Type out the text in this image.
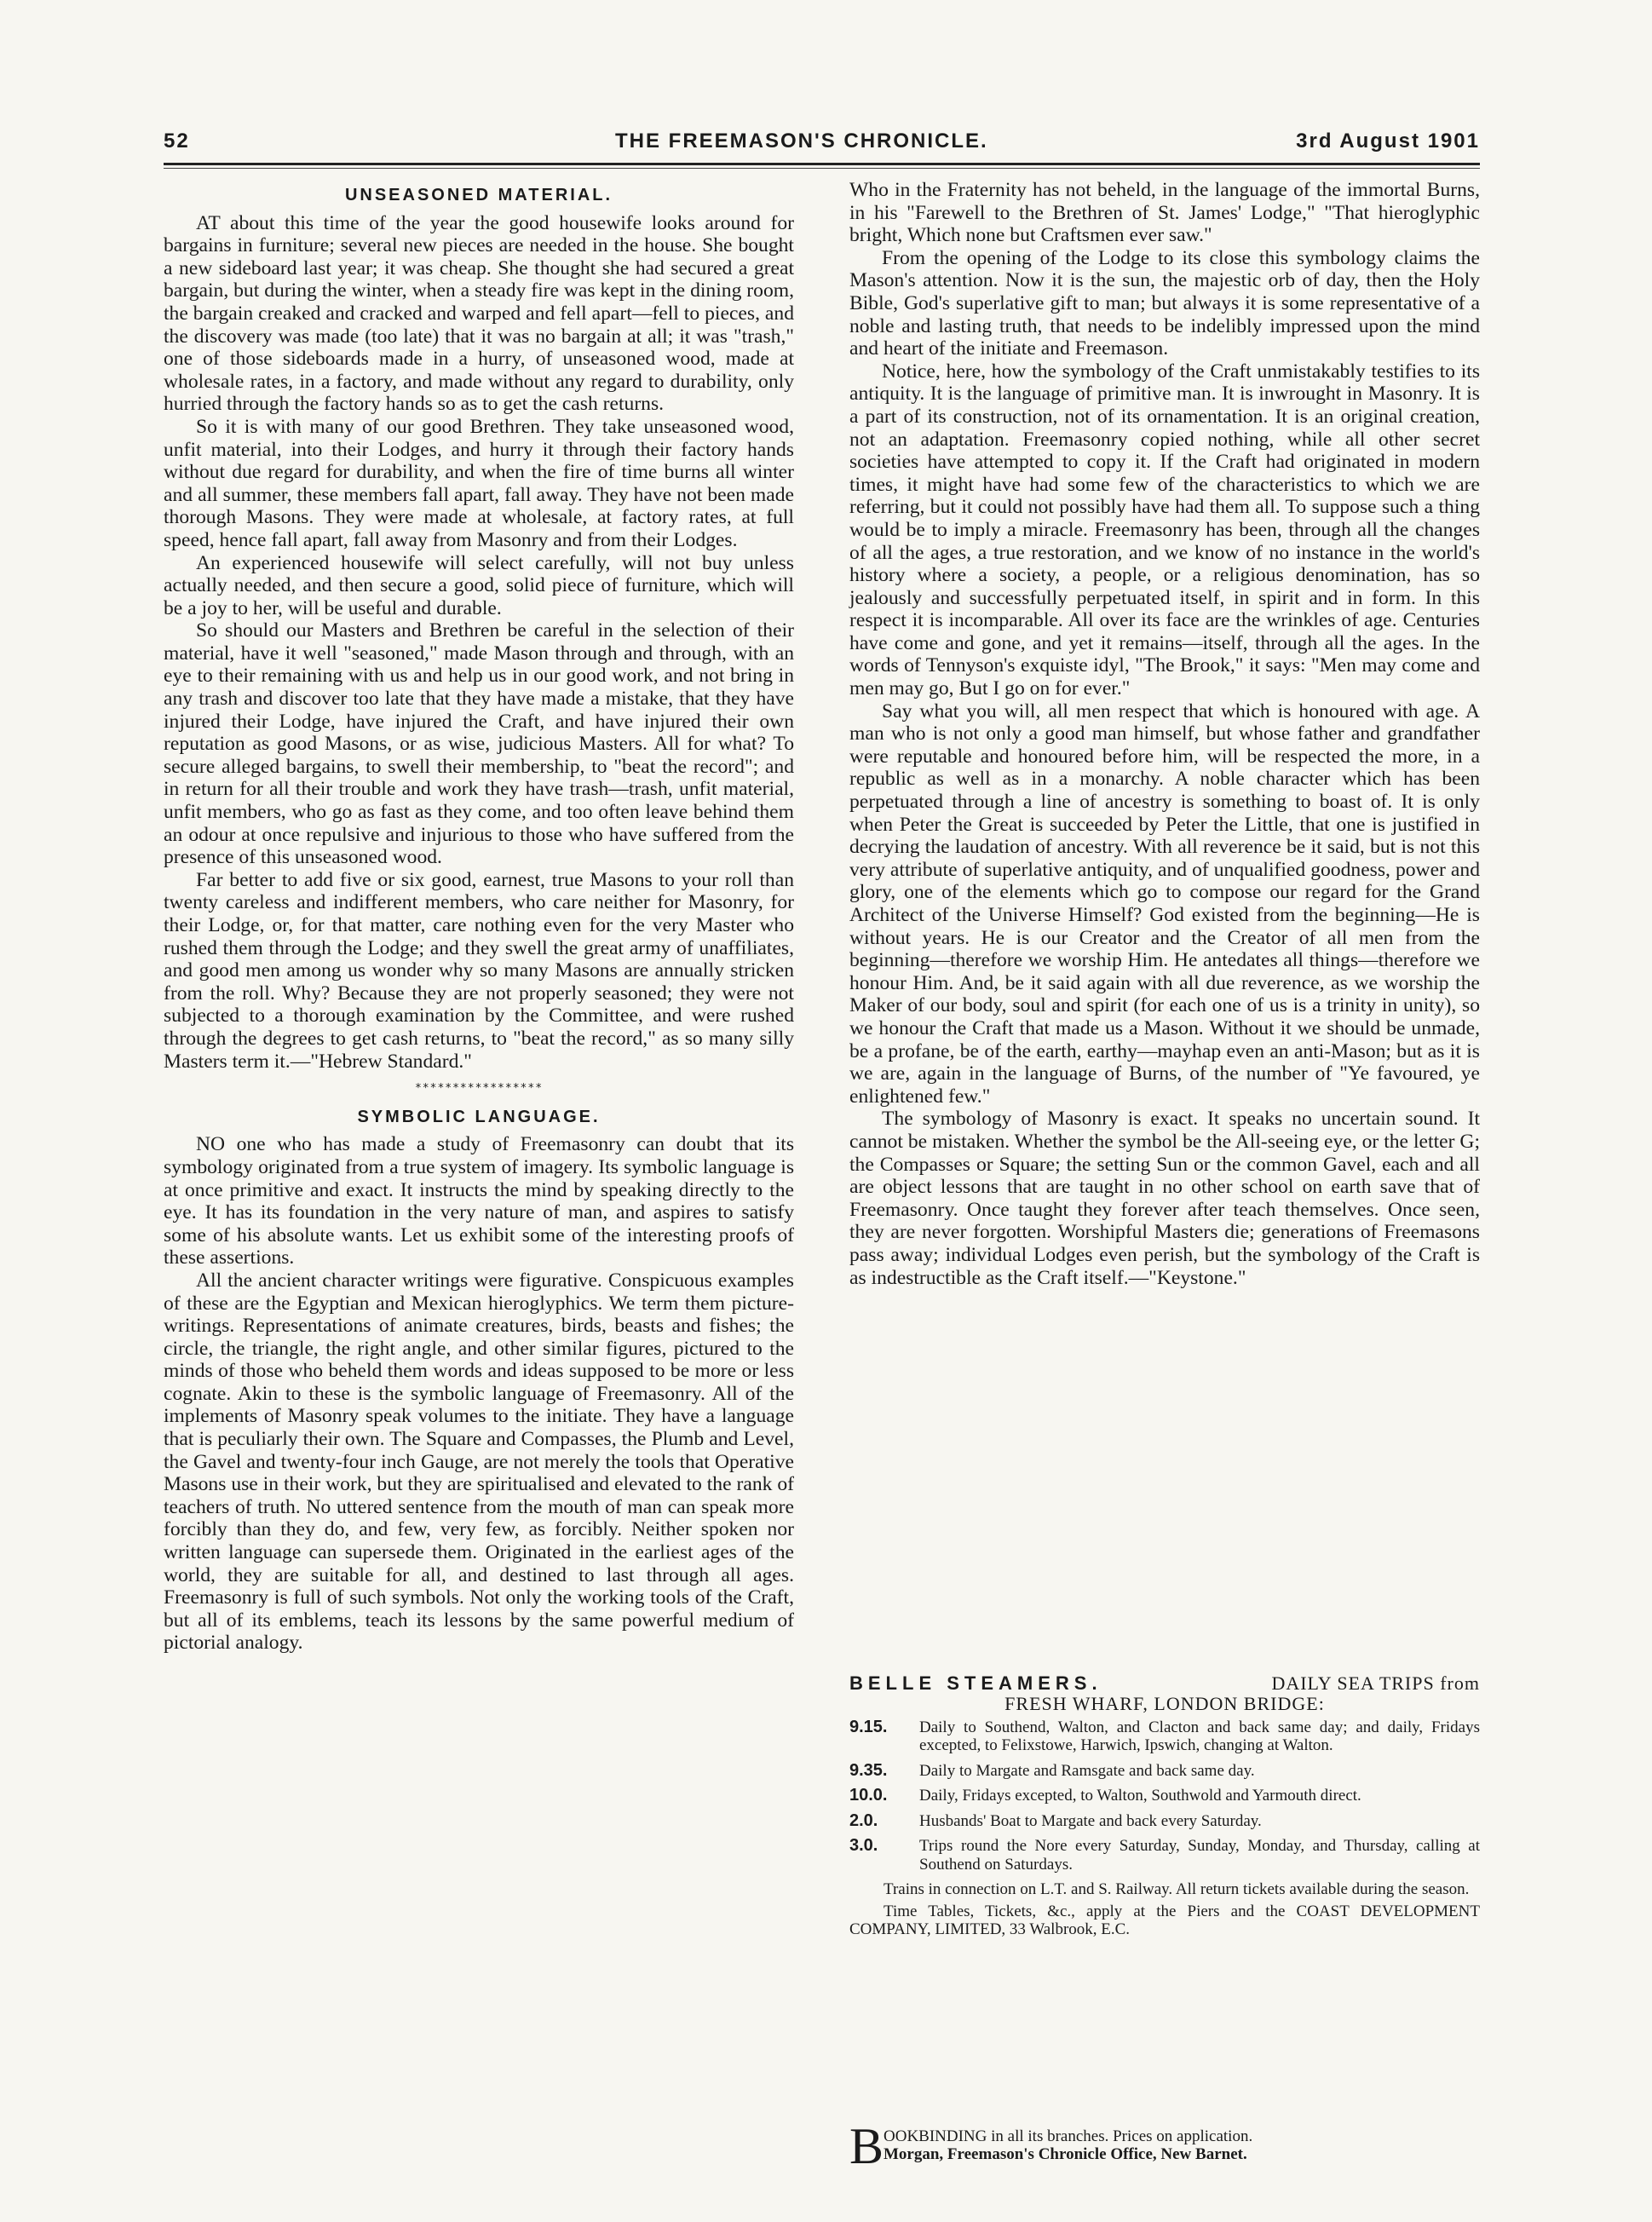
52	THE FREEMASON'S CHRONICLE.	3rd August 1901
UNSEASONED MATERIAL.

AT about this time of the year the good housewife looks around for bargains in furniture; several new pieces are needed in the house. She bought a new sideboard last year; it was cheap. She thought she had secured a great bargain, but during the winter, when a steady fire was kept in the dining room, the bargain creaked and cracked and warped and fell apart—fell to pieces, and the discovery was made (too late) that it was no bargain at all; it was "trash," one of those sideboards made in a hurry, of unseasoned wood, made at wholesale rates, in a factory, and made without any regard to durability, only hurried through the factory hands so as to get the cash returns.

So it is with many of our good Brethren. They take unseasoned wood, unfit material, into their Lodges, and hurry it through their factory hands without due regard for durability, and when the fire of time burns all winter and all summer, these members fall apart, fall away. They have not been made thorough Masons. They were made at wholesale, at factory rates, at full speed, hence fall apart, fall away from Masonry and from their Lodges.

An experienced housewife will select carefully, will not buy unless actually needed, and then secure a good, solid piece of furniture, which will be a joy to her, will be useful and durable.

So should our Masters and Brethren be careful in the selection of their material, have it well "seasoned," made Mason through and through, with an eye to their remaining with us and help us in our good work, and not bring in any trash and discover too late that they have made a mistake, that they have injured their Lodge, have injured the Craft, and have injured their own reputation as good Masons, or as wise, judicious Masters. All for what? To secure alleged bargains, to swell their membership, to "beat the record"; and in return for all their trouble and work they have trash—trash, unfit material, unfit members, who go as fast as they come, and too often leave behind them an odour at once repulsive and injurious to those who have suffered from the presence of this unseasoned wood.

Far better to add five or six good, earnest, true Masons to your roll than twenty careless and indifferent members, who care neither for Masonry, for their Lodge, or, for that matter, care nothing even for the very Master who rushed them through the Lodge; and they swell the great army of unaffiliates, and good men among us wonder why so many Masons are annually stricken from the roll. Why? Because they are not properly seasoned; they were not subjected to a thorough examination by the Committee, and were rushed through the degrees to get cash returns, to "beat the record," as so many silly Masters term it.—"Hebrew Standard."

*****************
SYMBOLIC LANGUAGE.

NO one who has made a study of Freemasonry can doubt that its symbology originated from a true system of imagery. Its symbolic language is at once primitive and exact. It instructs the mind by speaking directly to the eye. It has its foundation in the very nature of man, and aspires to satisfy some of his absolute wants. Let us exhibit some of the interesting proofs of these assertions.

All the ancient character writings were figurative. Conspicuous examples of these are the Egyptian and Mexican hieroglyphics. We term them picture-writings. Representations of animate creatures, birds, beasts and fishes; the circle, the triangle, the right angle, and other similar figures, pictured to the minds of those who beheld them words and ideas supposed to be more or less cognate. Akin to these is the symbolic language of Freemasonry. All of the implements of Masonry speak volumes to the initiate. They have a language that is peculiarly their own. The Square and Compasses, the Plumb and Level, the Gavel and twenty-four inch Gauge, are not merely the tools that Operative Masons use in their work, but they are spiritualised and elevated to the rank of teachers of truth. No uttered sentence from the mouth of man can speak more forcibly than they do, and few, very few, as forcibly. Neither spoken nor written language can supersede them. Originated in the earliest ages of the world, they are suitable for all, and destined to last through all ages. Freemasonry is full of such symbols. Not only the working tools of the Craft, but all of its emblems, teach its lessons by the same powerful medium of pictorial analogy.

Who in the Fraternity has not beheld, in the language of the immortal Burns, in his "Farewell to the Brethren of St. James' Lodge," "That hieroglyphic bright, Which none but Craftsmen ever saw."

From the opening of the Lodge to its close this symbology claims the Mason's attention. Now it is the sun, the majestic orb of day, then the Holy Bible, God's superlative gift to man; but always it is some representative of a noble and lasting truth, that needs to be indelibly impressed upon the mind and heart of the initiate and Freemason.

Notice, here, how the symbology of the Craft unmistakably testifies to its antiquity. It is the language of primitive man. It is inwrought in Masonry. It is a part of its construction, not of its ornamentation. It is an original creation, not an adaptation. Freemasonry copied nothing, while all other secret societies have attempted to copy it. If the Craft had originated in modern times, it might have had some few of the characteristics to which we are referring, but it could not possibly have had them all. To suppose such a thing would be to imply a miracle. Freemasonry has been, through all the changes of all the ages, a true restoration, and we know of no instance in the world's history where a society, a people, or a religious denomination, has so jealously and successfully perpetuated itself, in spirit and in form. In this respect it is incomparable. All over its face are the wrinkles of age. Centuries have come and gone, and yet it remains—itself, through all the ages. In the words of Tennyson's exquiste idyl, "The Brook," it says: "Men may come and men may go, But I go on for ever."

Say what you will, all men respect that which is honoured with age. A man who is not only a good man himself, but whose father and grandfather were reputable and honoured before him, will be respected the more, in a republic as well as in a monarchy. A noble character which has been perpetuated through a line of ancestry is something to boast of. It is only when Peter the Great is succeeded by Peter the Little, that one is justified in decrying the laudation of ancestry. With all reverence be it said, but is not this very attribute of superlative antiquity, and of unqualified goodness, power and glory, one of the elements which go to compose our regard for the Grand Architect of the Universe Himself? God existed from the beginning—He is without years. He is our Creator and the Creator of all men from the beginning—therefore we worship Him. He antedates all things—therefore we honour Him. And, be it said again with all due reverence, as we worship the Maker of our body, soul and spirit (for each one of us is a trinity in unity), so we honour the Craft that made us a Mason. Without it we should be unmade, be a profane, be of the earth, earthy—mayhap even an anti-Mason; but as it is we are, again in the language of Burns, of the number of "Ye favoured, ye enlightened few."

The symbology of Masonry is exact. It speaks no uncertain sound. It cannot be mistaken. Whether the symbol be the All-seeing eye, or the letter G; the Compasses or Square; the setting Sun or the common Gavel, each and all are object lessons that are taught in no other school on earth save that of Freemasonry. Once taught they forever after teach themselves. Once seen, they are never forgotten. Worshipful Masters die; generations of Freemasons pass away; individual Lodges even perish, but the symbology of the Craft is as indestructible as the Craft itself.—"Keystone."

BELLE STEAMERS.	DAILY SEA TRIPS from
FRESH WHARF, LONDON BRIDGE:
9.15.	Daily to Southend, Walton, and Clacton and back same day; and daily, Fridays excepted, to Felixstowe, Harwich, Ipswich, changing at Walton.
9.35.	Daily to Margate and Ramsgate and back same day.
10.0.	Daily, Fridays excepted, to Walton, Southwold and Yarmouth direct.
2.0.	Husbands' Boat to Margate and back every Saturday.
3.0.	Trips round the Nore every Saturday, Sunday, Monday, and Thursday, calling at Southend on Saturdays.
Trains in connection on L.T. and S. Railway. All return tickets available during the season.
Time Tables, Tickets, &c., apply at the Piers and the COAST DEVELOPMENT COMPANY, LIMITED, 33 Walbrook, E.C.
B OOKBINDING in all its branches. Prices on application.
Morgan, Freemason's Chronicle Office, New Barnet.
